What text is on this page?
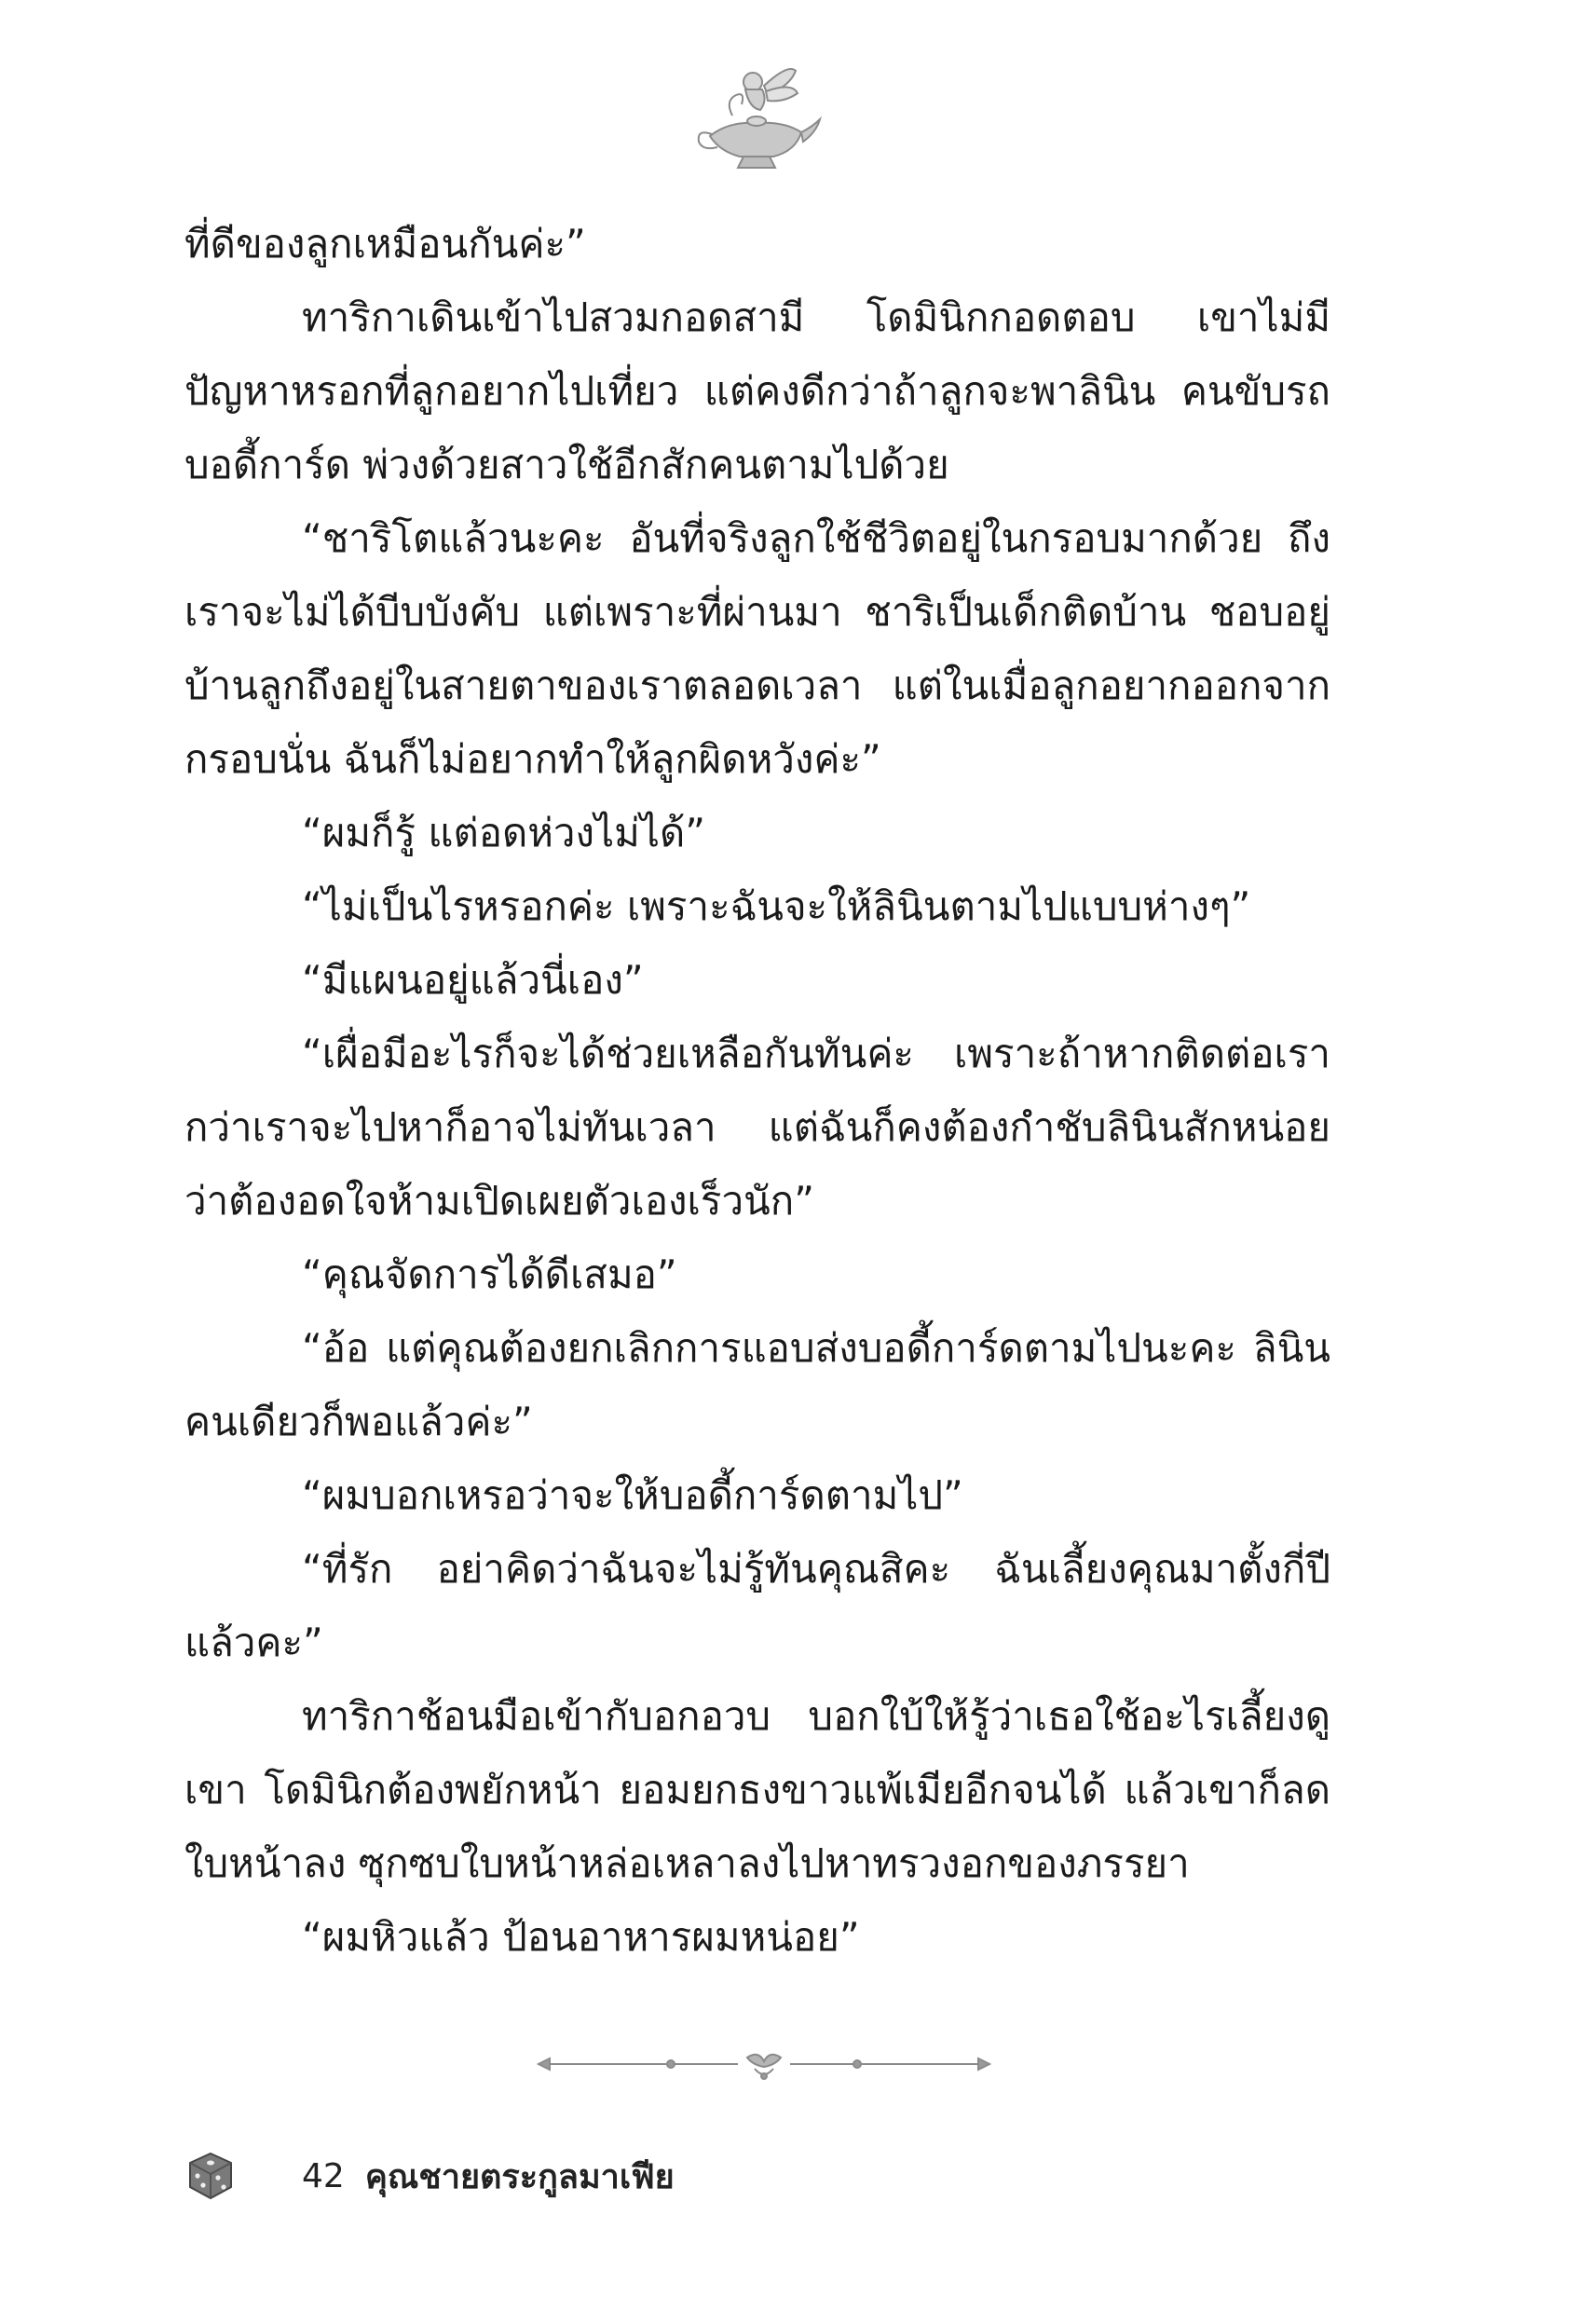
ที่ดีของลูกเหมือนกันค่ะ”

ทาริกาเดินเข้าไปสวมกอดสามี โดมินิกกอดตอบ เขาไม่มีปัญหาหรอกที่ลูกอยากไปเที่ยว แต่คงดีกว่าถ้าลูกจะพาลินิน คนขับรถ บอดี้การ์ด พ่วงด้วยสาวใช้อีกสักคนตามไปด้วย

“ชาริโตแล้วนะคะ อันที่จริงลูกใช้ชีวิตอยู่ในกรอบมากด้วย ถึงเราจะไม่ได้บีบบังคับ แต่เพราะที่ผ่านมา ชาริเป็นเด็กติดบ้าน ชอบอยู่บ้านลูกถึงอยู่ในสายตาของเราตลอดเวลา แต่ในเมื่อลูกอยากออกจากกรอบนั่น ฉันก็ไม่อยากทำให้ลูกผิดหวังค่ะ”

“ผมก็รู้ แต่อดห่วงไม่ได้”

“ไม่เป็นไรหรอกค่ะ เพราะฉันจะให้ลินินตามไปแบบห่างๆ”

“มีแผนอยู่แล้วนี่เอง”

“เผื่อมีอะไรก็จะได้ช่วยเหลือกันทันค่ะ เพราะถ้าหากติดต่อเรากว่าเราจะไปหาก็อาจไม่ทันเวลา แต่ฉันก็คงต้องกำชับลินินสักหน่อยว่าต้องอดใจห้ามเปิดเผยตัวเองเร็วนัก”

“คุณจัดการได้ดีเสมอ”

“อ้อ แต่คุณต้องยกเลิกการแอบส่งบอดี้การ์ดตามไปนะคะ ลินินคนเดียวก็พอแล้วค่ะ”

“ผมบอกเหรอว่าจะให้บอดี้การ์ดตามไป”

“ที่รัก อย่าคิดว่าฉันจะไม่รู้ทันคุณสิคะ ฉันเลี้ยงคุณมาตั้งกี่ปีแล้วคะ”

ทาริกาช้อนมือเข้ากับอกอวบ บอกใบ้ให้รู้ว่าเธอใช้อะไรเลี้ยงดูเขา โดมินิกต้องพยักหน้า ยอมยกธงขาวแพ้เมียอีกจนได้ แล้วเขาก็ลดใบหน้าลง ซุกซบใบหน้าหล่อเหลาลงไปหาทรวงอกของภรรยา

“ผมหิวแล้ว ป้อนอาหารผมหน่อย”

42 คุณชายตระกูลมาเฟีย
